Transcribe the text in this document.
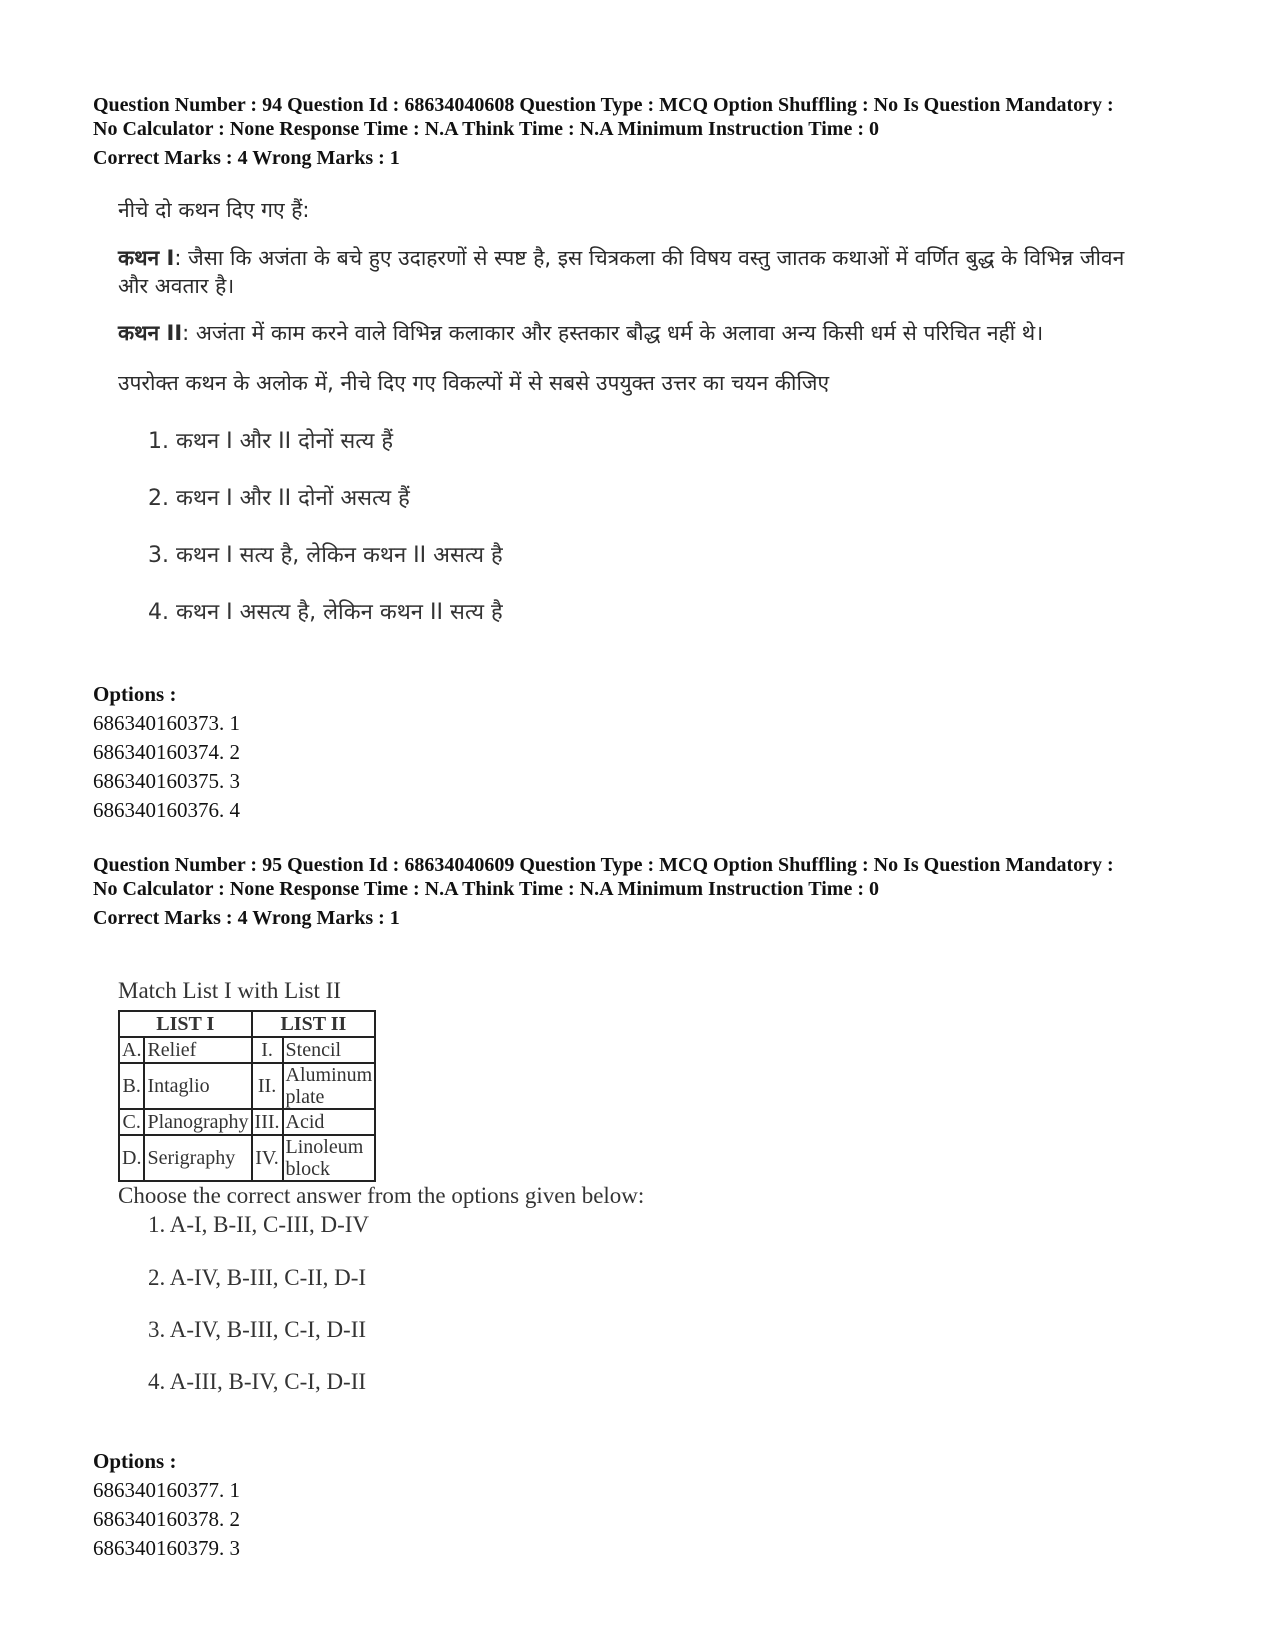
Question Number : 94 Question Id : 68634040608 Question Type : MCQ Option Shuffling : No Is Question Mandatory :
No Calculator : None Response Time : N.A Think Time : N.A Minimum Instruction Time : 0
Correct Marks : 4 Wrong Marks : 1

नीचे दो कथन दिए गए हैं:

कथन I: जैसा कि अजंता के बचे हुए उदाहरणों से स्पष्ट है, इस चित्रकला की विषय वस्तु जातक कथाओं में वर्णित बुद्ध के विभिन्न जीवन

और अवतार है।

कथन II: अजंता में काम करने वाले विभिन्न कलाकार और हस्तकार बौद्ध धर्म के अलावा अन्य किसी धर्म से परिचित नहीं थे।

उपरोक्त कथन के अलोक में, नीचे दिए गए विकल्पों में से सबसे उपयुक्त उत्तर का चयन कीजिए

1. कथन I और II दोनों सत्य हैं
2. कथन I और II दोनों असत्य हैं
3. कथन I सत्य है, लेकिन कथन II असत्य है
4. कथन I असत्य है, लेकिन कथन II सत्य है
Options :
686340160373. 1
686340160374. 2
686340160375. 3
686340160376. 4
Question Number : 95 Question Id : 68634040609 Question Type : MCQ Option Shuffling : No Is Question Mandatory :
No Calculator : None Response Time : N.A Think Time : N.A Minimum Instruction Time : 0
Correct Marks : 4 Wrong Marks : 1

Match List I with List II

LIST I		LIST II	
A.	Relief	I.	Stencil
B.	Intaglio	II.	Aluminum plate
C.	Planography	III.	Acid
D.	Serigraphy	IV.	Linoleum block

Choose the correct answer from the options given below:

1. A-I, B-II, C-III, D-IV
2. A-IV, B-III, C-II, D-I
3. A-IV, B-III, C-I, D-II
4. A-III, B-IV, C-I, D-II
Options :
686340160377. 1
686340160378. 2
686340160379. 3
